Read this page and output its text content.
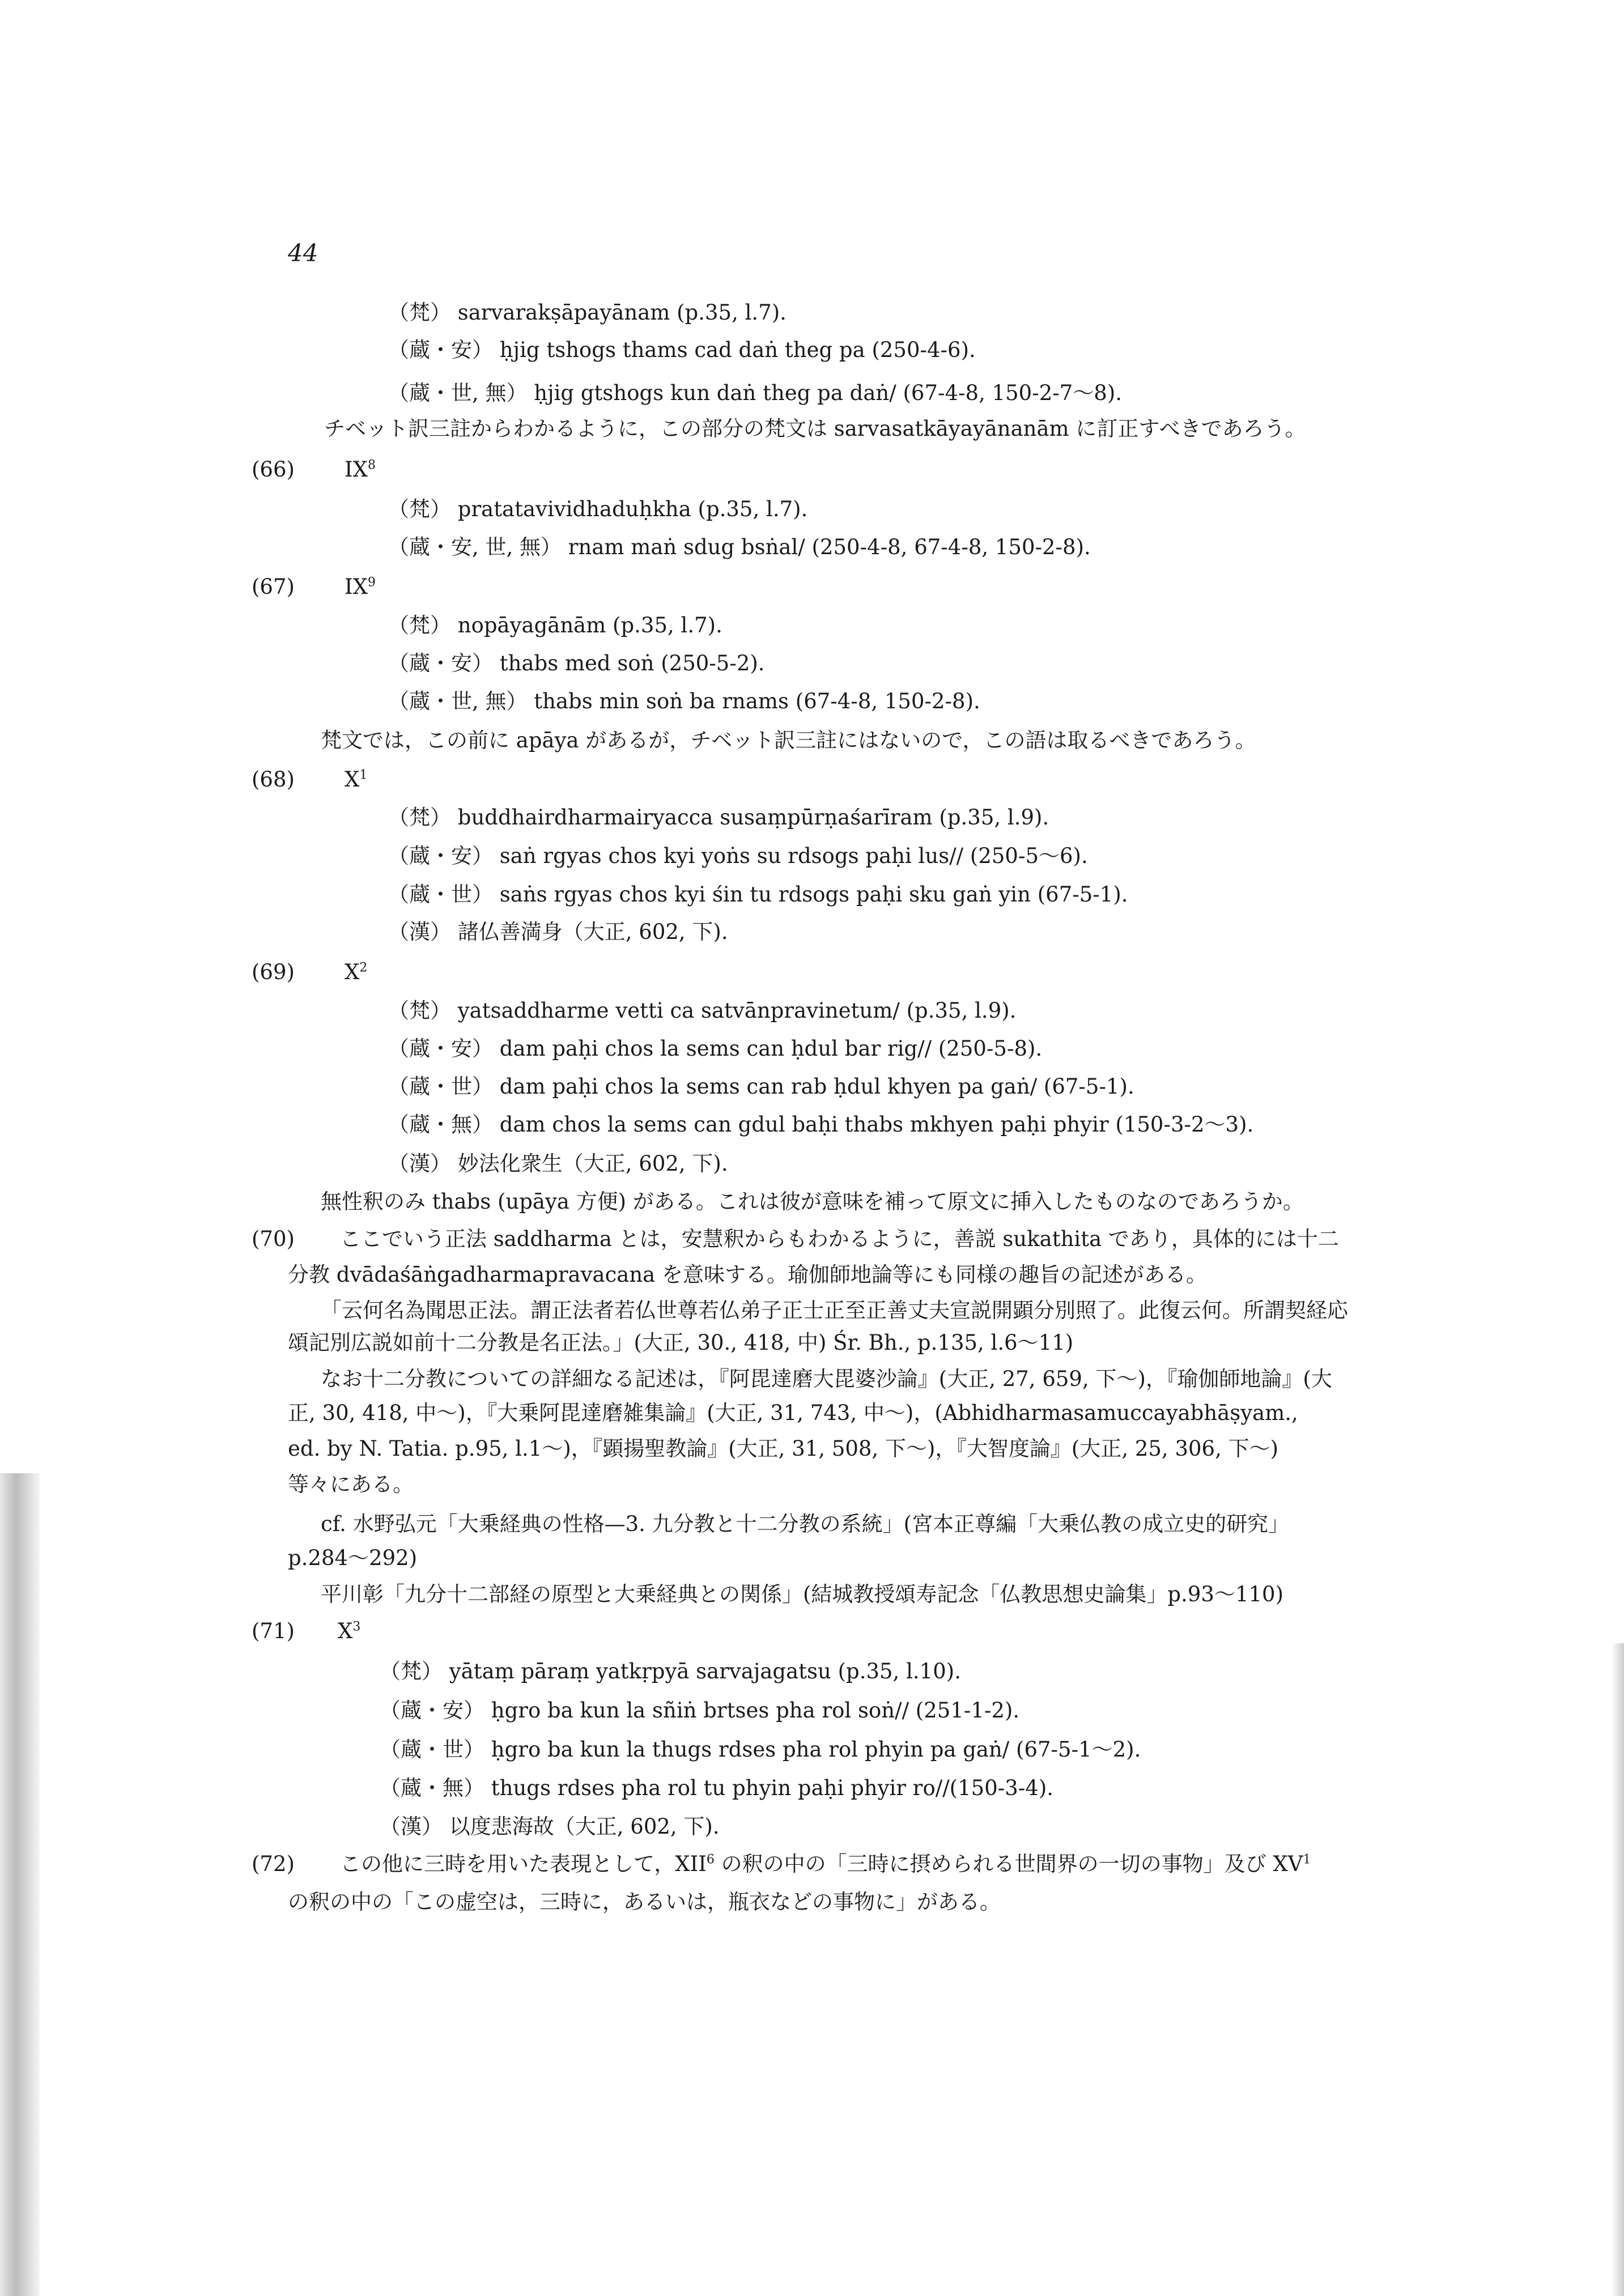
44
（梵） sarvarakṣāpayānam (p.35, l.7).
（蔵・安） ḥjig tshogs thams cad daṅ theg pa (250-4-6).
（蔵・世, 無） ḥjig gtshogs kun daṅ theg pa daṅ/ (67-4-8, 150-2-7〜8).
チベット訳三註からわかるように，この部分の梵文は sarvasatkāyayānanām に訂正すべきであろう。
(66) $IX^8$
（梵） pratatavividhaduḥkha (p.35, l.7).
（蔵・安, 世, 無） rnam maṅ sdug bsṅal/ (250-4-8, 67-4-8, 150-2-8).
(67) $IX^9$
（梵） nopāyagānām (p.35, l.7).
（蔵・安） thabs med soṅ (250-5-2).
（蔵・世, 無） thabs min soṅ ba rnams (67-4-8, 150-2-8).
梵文では，この前に apāya があるが，チベット訳三註にはないので，この語は取るべきであろう。
(68) $X^1$
（梵） buddhairdharmairyacca susaṃpūrṇaśarīram (p.35, l.9).
（蔵・安） saṅ rgyas chos kyi yoṅs su rdsogs paḥi lus// (250-5〜6).
（蔵・世） saṅs rgyas chos kyi śin tu rdsogs paḥi sku gaṅ yin (67-5-1).
（漢） 諸仏善満身（大正, 602, 下).
(69) $X^2$
（梵） yatsaddharme vetti ca satvānpravinetum/ (p.35, l.9).
（蔵・安） dam paḥi chos la sems can ḥdul bar rig// (250-5-8).
（蔵・世） dam paḥi chos la sems can rab ḥdul khyen pa gaṅ/ (67-5-1).
（蔵・無） dam chos la sems can gdul baḥi thabs mkhyen paḥi phyir (150-3-2〜3).
（漢） 妙法化衆生（大正, 602, 下).
無性釈のみ thabs (upāya 方便) がある。これは彼が意味を補って原文に挿入したものなのであろうか。
(70) ここでいう正法 saddharma とは，安慧釈からもわかるように，善説 sukathita であり，具体的には十二
分教 dvādaśāṅgadharmapravacana を意味する。瑜伽師地論等にも同様の趣旨の記述がある。
「云何名為聞思正法。謂正法者若仏世尊若仏弟子正士正至正善丈夫宣説開顕分別照了。此復云何。所謂契経応
頌記別広説如前十二分教是名正法。」(大正, 30., 418, 中) Śr. Bh., p.135, l.6〜11)
なお十二分教についての詳細なる記述は，『阿毘達磨大毘婆沙論』(大正, 27, 659, 下〜)，『瑜伽師地論』(大
正, 30, 418, 中〜)，『大乗阿毘達磨雑集論』(大正, 31, 743, 中〜)，(Abhidharmasamuccayabhāṣyam.,
ed. by N. Tatia. p.95, l.1〜)，『顕揚聖教論』(大正, 31, 508, 下〜)，『大智度論』(大正, 25, 306, 下〜)
等々にある。
cf. 水野弘元「大乗経典の性格—3. 九分教と十二分教の系統」(宮本正尊編「大乗仏教の成立史的研究」
p.284〜292)
平川彰「九分十二部経の原型と大乗経典との関係」(結城教授頌寿記念「仏教思想史論集」p.93〜110)
(71) $X^3$
（梵） yātaṃ pāraṃ yatkṛpyā sarvajagatsu (p.35, l.10).
（蔵・安） ḥgro ba kun la sñiṅ brtses pha rol soṅ// (251-1-2).
（蔵・世） ḥgro ba kun la thugs rdses pha rol phyin pa gaṅ/ (67-5-1〜2).
（蔵・無） thugs rdses pha rol tu phyin paḥi phyir ro//(150-3-4).
（漢） 以度悲海故（大正, 602, 下).
(72) この他に三時を用いた表現として，XII$^6$ の釈の中の「三時に摂められる世間界の一切の事物」及び $XV^1$
の釈の中の「この虚空は，三時に，あるいは，瓶衣などの事物に」がある。
